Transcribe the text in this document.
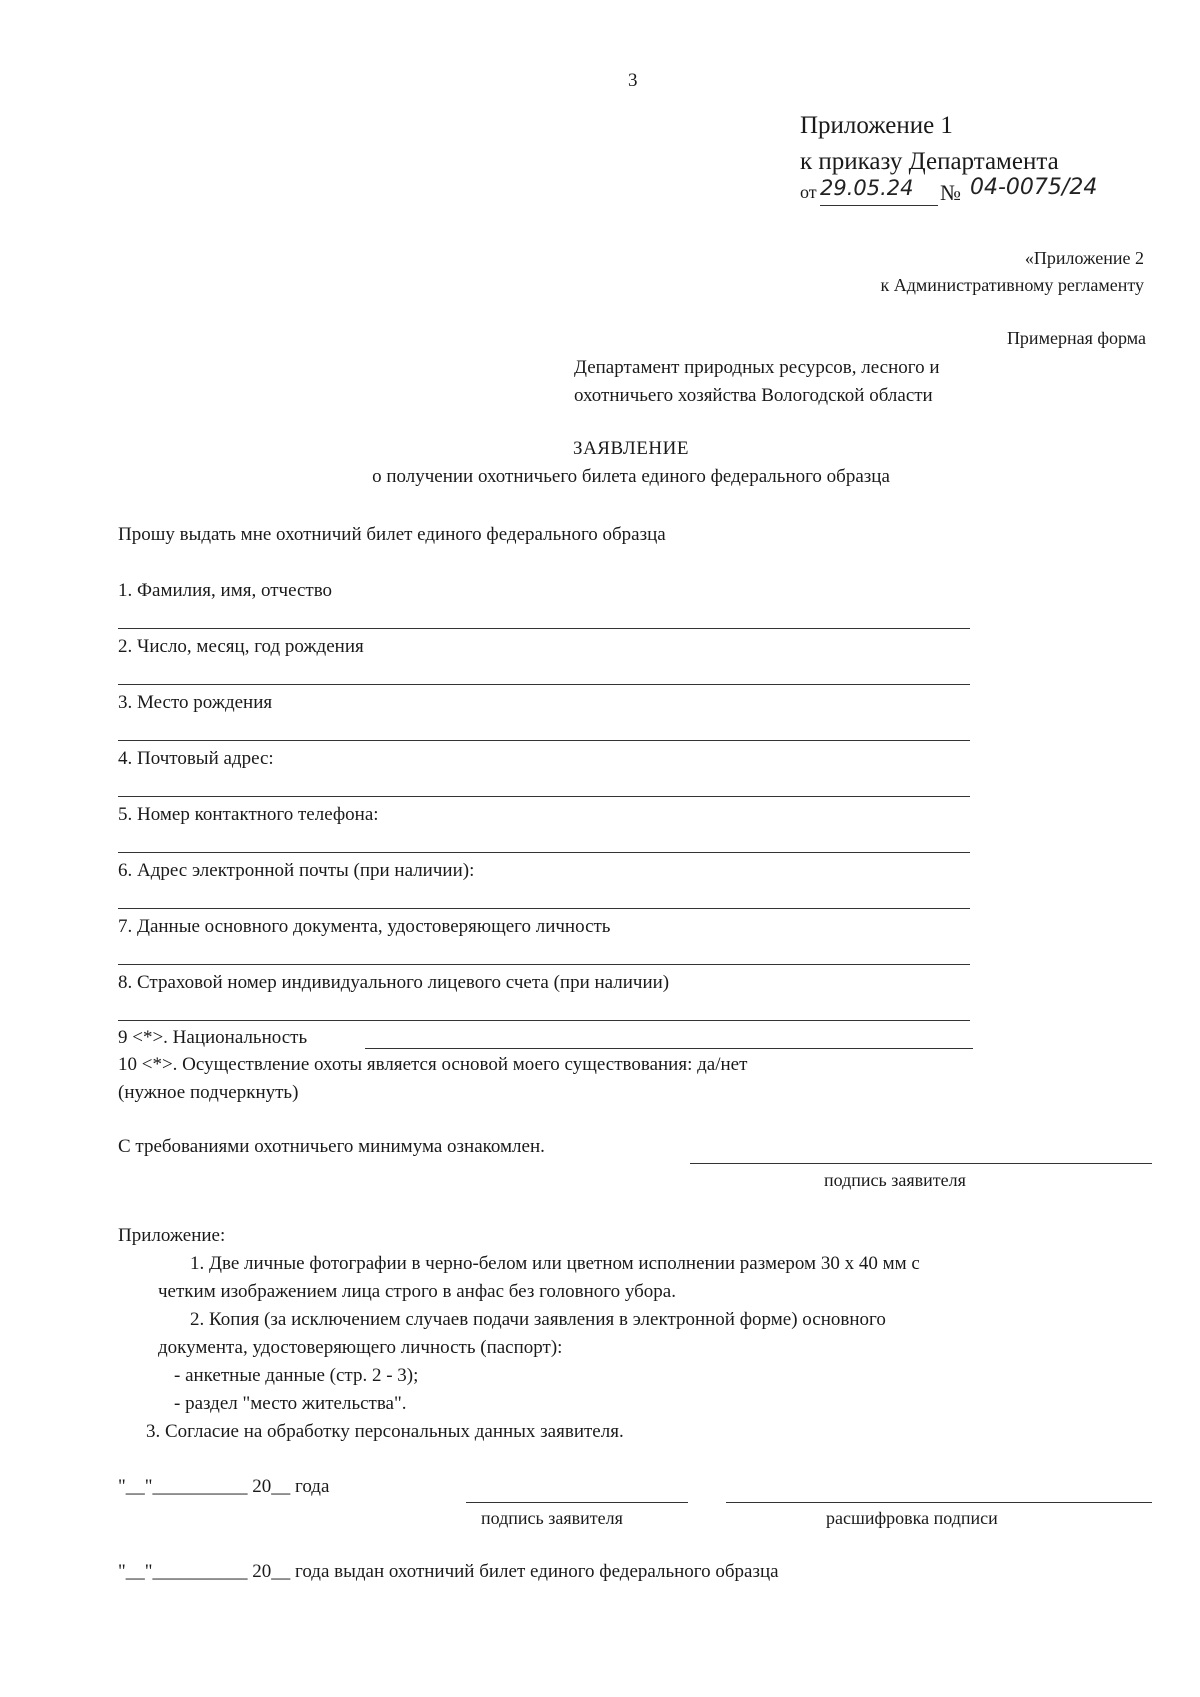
3
Приложение 1
к приказу Департамента
от 29.05.24 № 04-0075/24
«Приложение 2
к Административному регламенту
Примерная форма
Департамент природных ресурсов, лесного и
охотничьего хозяйства Вологодской области
ЗАЯВЛЕНИЕ
о получении охотничьего билета единого федерального образца
Прошу выдать мне охотничий билет единого федерального образца
1. Фамилия, имя, отчество
2. Число, месяц, год рождения
3. Место рождения
4. Почтовый адрес:
5. Номер контактного телефона:
6. Адрес электронной почты (при наличии):
7. Данные основного документа, удостоверяющего личность
8. Страховой номер индивидуального лицевого счета (при наличии)
9 <*>. Национальность
10 <*>. Осуществление охоты является основой моего существования: да/нет
(нужное подчеркнуть)
С требованиями охотничьего минимума ознакомлен.
подпись заявителя
Приложение:
1. Две личные фотографии в черно-белом или цветном исполнении размером 30 х 40 мм с
четким изображением лица строго в анфас без головного убора.
2. Копия (за исключением случаев подачи заявления в электронной форме) основного
документа, удостоверяющего личность (паспорт):
- анкетные данные (стр. 2 - 3);
- раздел "место жительства".
3. Согласие на обработку персональных данных заявителя.
"__"__________ 20__ года
подпись заявителя	расшифровка подписи
"__"__________ 20__ года выдан охотничий билет единого федерального образца
